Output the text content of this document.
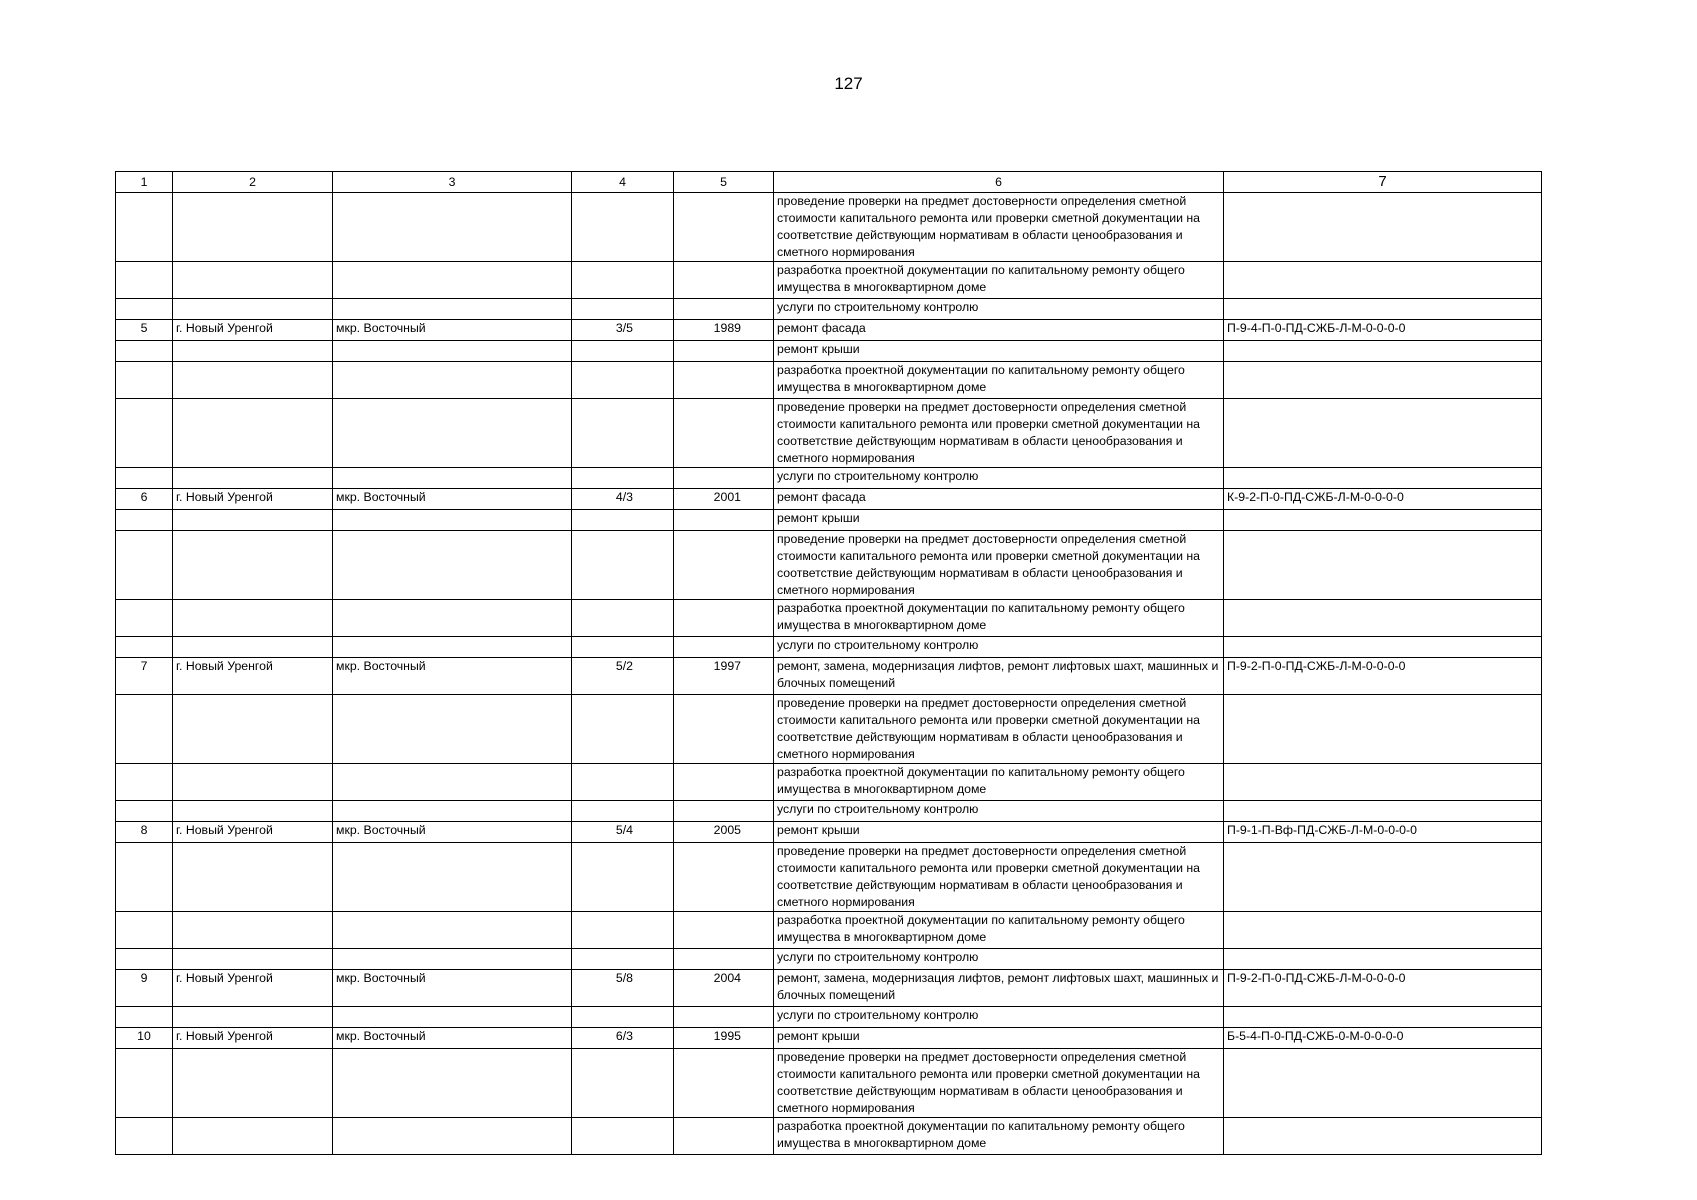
127
1	2	3	4	5	6	7
					проведение проверки на предмет достоверности определения сметной стоимости капитального ремонта или проверки сметной документации на соответствие действующим нормативам в области ценообразования и сметного нормирования	
					разработка проектной документации по капитальному ремонту общего имущества в многоквартирном доме	
					услуги по строительному контролю	
5	г. Новый Уренгой	мкр. Восточный	3/5	1989	ремонт фасада	П-9-4-П-0-ПД-СЖБ-Л-М-0-0-0-0
					ремонт крыши	
					разработка проектной документации по капитальному ремонту общего имущества в многоквартирном доме	
					проведение проверки на предмет достоверности определения сметной стоимости капитального ремонта или проверки сметной документации на соответствие действующим нормативам в области ценообразования и сметного нормирования	
					услуги по строительному контролю	
6	г. Новый Уренгой	мкр. Восточный	4/3	2001	ремонт фасада	К-9-2-П-0-ПД-СЖБ-Л-М-0-0-0-0
					ремонт крыши	
					проведение проверки на предмет достоверности определения сметной стоимости капитального ремонта или проверки сметной документации на соответствие действующим нормативам в области ценообразования и сметного нормирования	
					разработка проектной документации по капитальному ремонту общего имущества в многоквартирном доме	
					услуги по строительному контролю	
7	г. Новый Уренгой	мкр. Восточный	5/2	1997	ремонт, замена, модернизация лифтов, ремонт лифтовых шахт, машинных и блочных помещений	П-9-2-П-0-ПД-СЖБ-Л-М-0-0-0-0
					проведение проверки на предмет достоверности определения сметной стоимости капитального ремонта или проверки сметной документации на соответствие действующим нормативам в области ценообразования и сметного нормирования	
					разработка проектной документации по капитальному ремонту общего имущества в многоквартирном доме	
					услуги по строительному контролю	
8	г. Новый Уренгой	мкр. Восточный	5/4	2005	ремонт крыши	П-9-1-П-Вф-ПД-СЖБ-Л-М-0-0-0-0
					проведение проверки на предмет достоверности определения сметной стоимости капитального ремонта или проверки сметной документации на соответствие действующим нормативам в области ценообразования и сметного нормирования	
					разработка проектной документации по капитальному ремонту общего имущества в многоквартирном доме	
					услуги по строительному контролю	
9	г. Новый Уренгой	мкр. Восточный	5/8	2004	ремонт, замена, модернизация лифтов, ремонт лифтовых шахт, машинных и блочных помещений	П-9-2-П-0-ПД-СЖБ-Л-М-0-0-0-0
					услуги по строительному контролю	
10	г. Новый Уренгой	мкр. Восточный	6/3	1995	ремонт крыши	Б-5-4-П-0-ПД-СЖБ-0-М-0-0-0-0
					проведение проверки на предмет достоверности определения сметной стоимости капитального ремонта или проверки сметной документации на соответствие действующим нормативам в области ценообразования и сметного нормирования	
					разработка проектной документации по капитальному ремонту общего имущества в многоквартирном доме	
